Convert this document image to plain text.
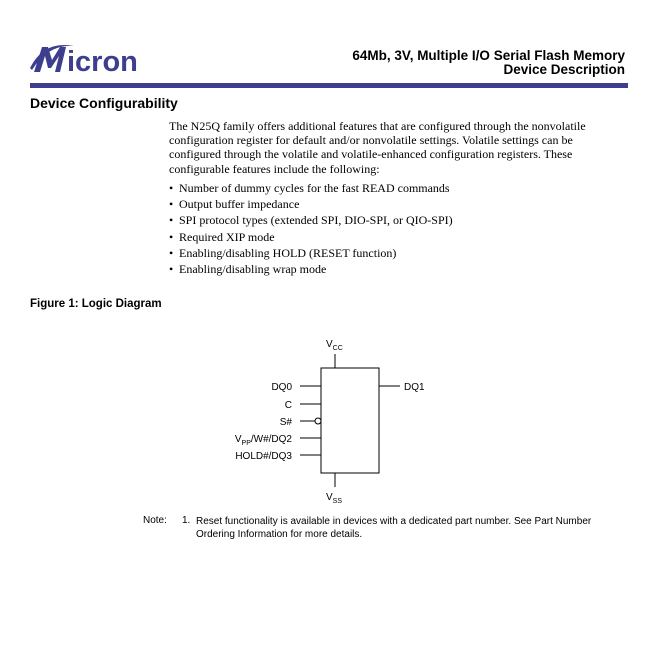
icron	64Mb, 3V, Multiple I/O Serial Flash Memory
Device Description
Device Configurability
The N25Q family offers additional features that are configured through the nonvolatile configuration register for default and/or nonvolatile settings. Volatile settings can be configured through the volatile and volatile-enhanced configuration registers. These configurable features include the following:
• Number of dummy cycles for the fast READ commands
• Output buffer impedance
• SPI protocol types (extended SPI, DIO-SPI, or QIO-SPI)
• Required XIP mode
• Enabling/disabling HOLD (RESET function)
• Enabling/disabling wrap mode
Figure 1: Logic Diagram
$V_{CC}$
$V_{SS}$
DQ0
C
S#
$V_{PP}/W\#/DQ2$
HOLD#/DQ3
DQ1
Note: 1. Reset functionality is available in devices with a dedicated part number. See Part Number Ordering Information for more details.
